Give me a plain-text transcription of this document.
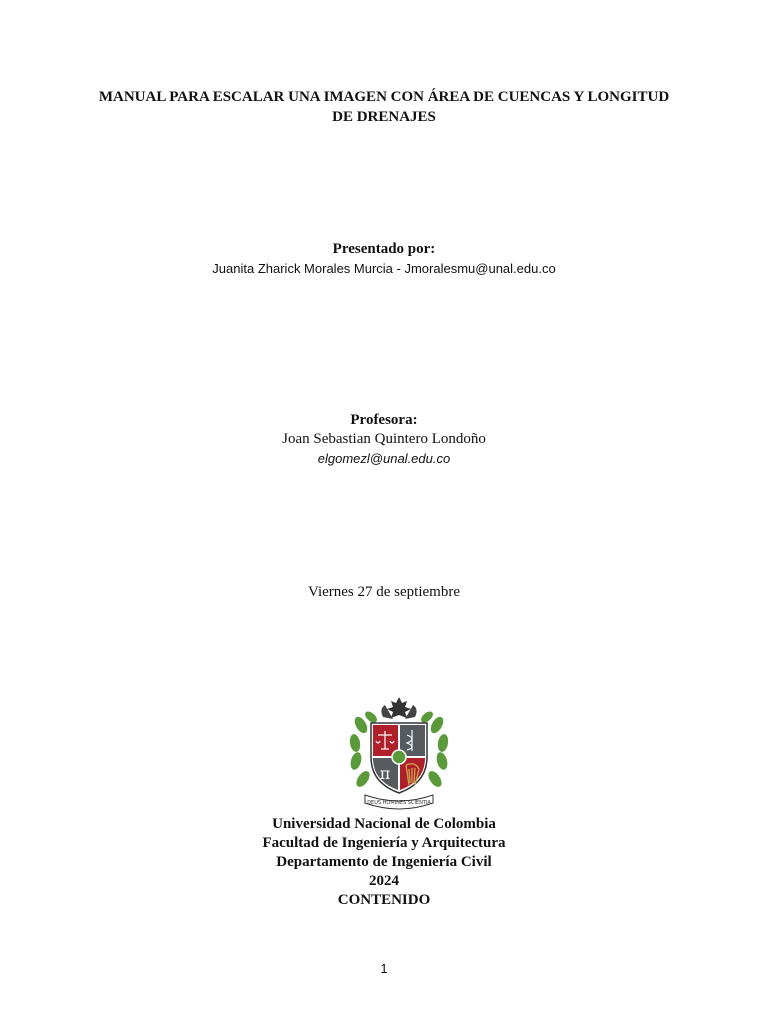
MANUAL PARA ESCALAR UNA IMAGEN CON ÁREA DE CUENCAS Y LONGITUD
DE DRENAJES
Presentado por:
Juanita Zharick Morales Murcia - Jmoralesmu@unal.edu.co
Profesora:
Joan Sebastian Quintero Londoño
elgomezl@unal.edu.co
Viernes 27 de septiembre
π
DEUS HOMINES SCIENTIA
Universidad Nacional de Colombia
Facultad de Ingeniería y Arquitectura
Departamento de Ingeniería Civil
2024
CONTENIDO
1
